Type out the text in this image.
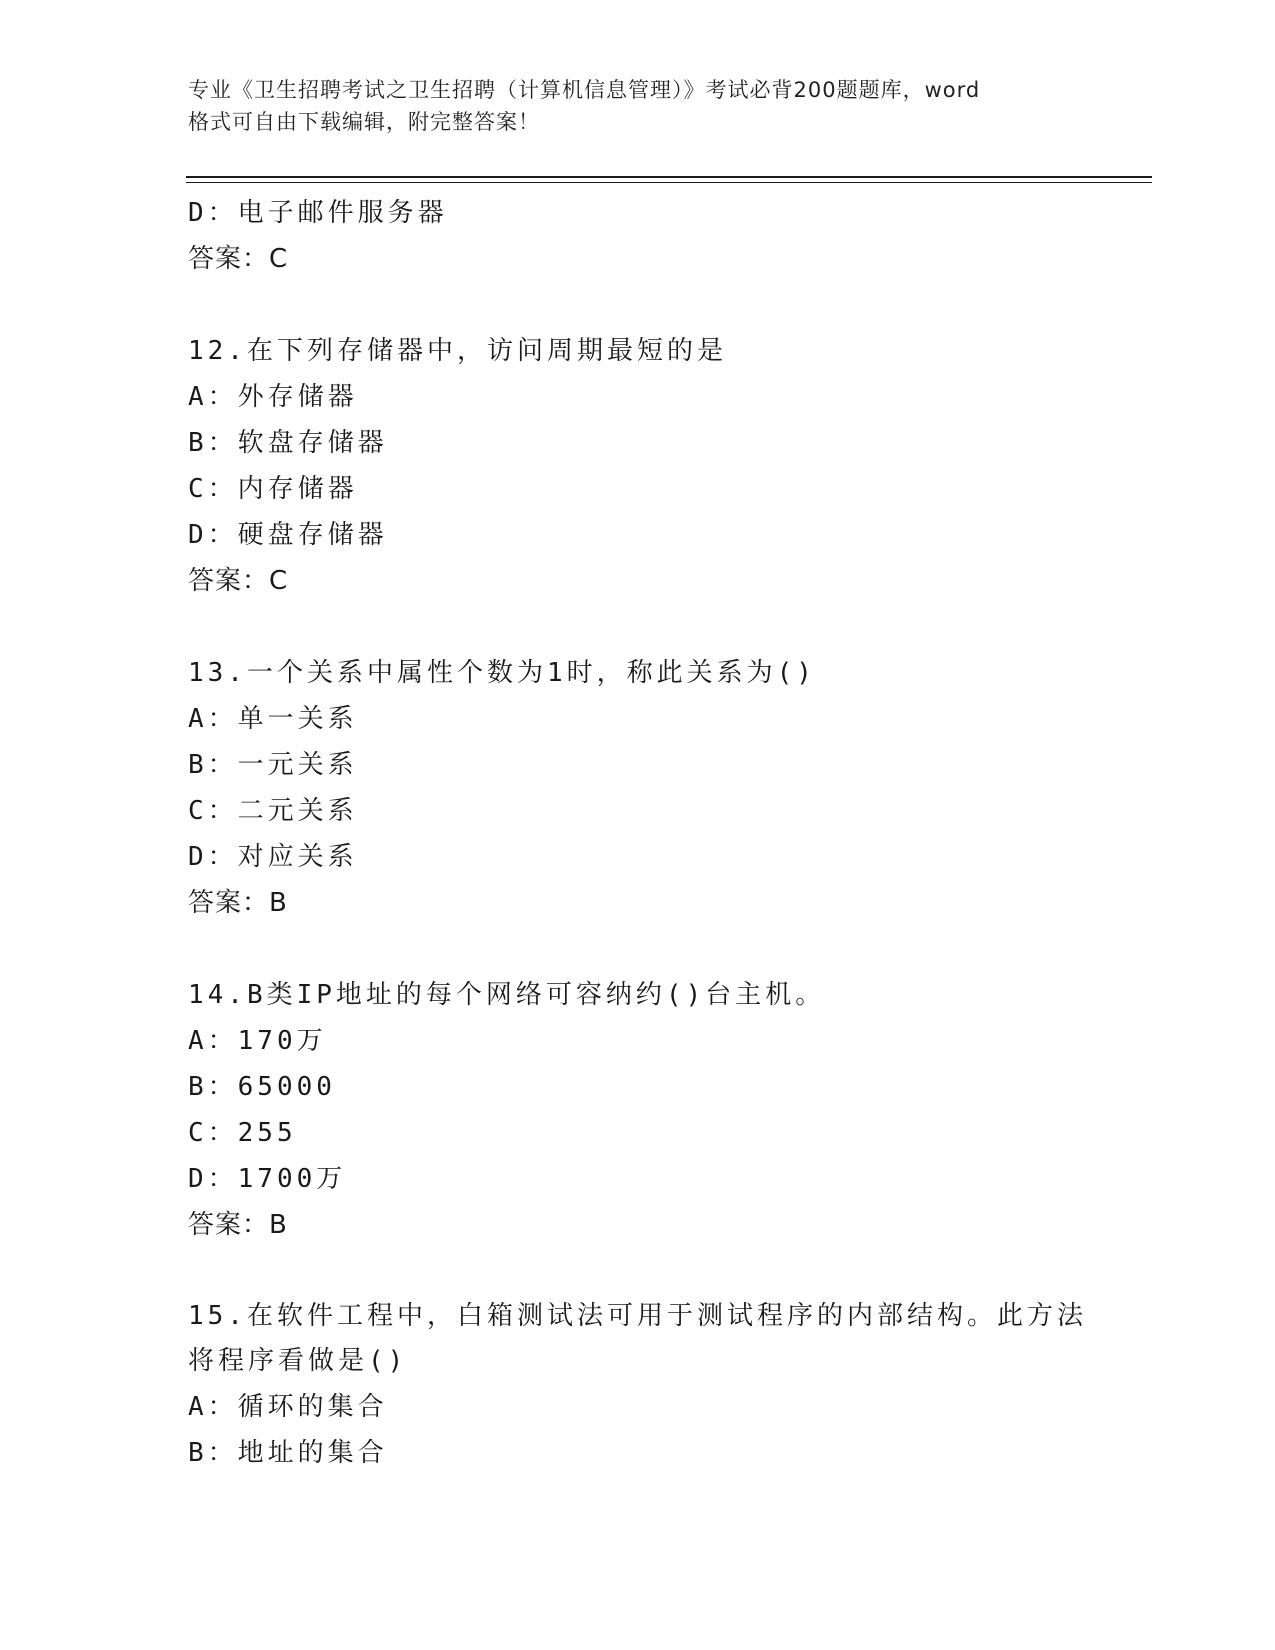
专业《卫生招聘考试之卫生招聘（计算机信息管理）》考试必背200题题库，word
格式可自由下载编辑，附完整答案！
D：电子邮件服务器
答案：C
12.在下列存储器中，访问周期最短的是
A：外存储器
B：软盘存储器
C：内存储器
D：硬盘存储器
答案：C
13.一个关系中属性个数为1时，称此关系为()
A：单一关系
B：一元关系
C：二元关系
D：对应关系
答案：B
14.B类IP地址的每个网络可容纳约()台主机。
A：170万
B：65000
C：255
D：1700万
答案：B
15.在软件工程中，白箱测试法可用于测试程序的内部结构。此方法将程序看做是()
A：循环的集合
B：地址的集合
